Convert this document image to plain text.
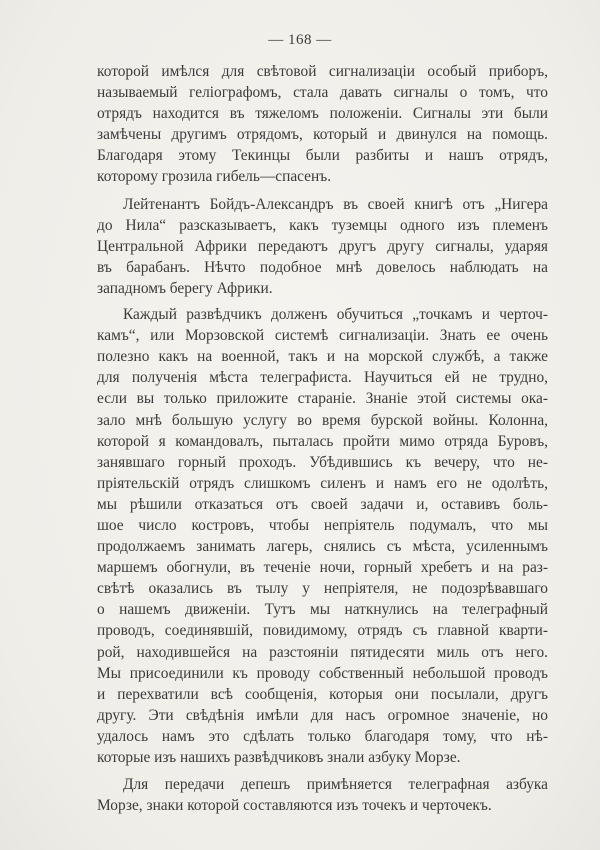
— 168 —
которой имѣлся для свѣтовой сигнализаціи особый приборъ,
называемый геліографомъ, стала давать сигналы о томъ, что
отрядъ находится въ тяжеломъ положеніи. Сигналы эти были
замѣчены другимъ отрядомъ, который и двинулся на помощь.
Благодаря этому Текинцы были разбиты и нашъ отрядъ,
которому грозила гибель—спасенъ.
Лейтенантъ Бойдъ-Александръ въ своей книгѣ отъ „Нигера
до Нила“ разсказываетъ, какъ туземцы одного изъ племенъ
Центральной Африки передаютъ другъ другу сигналы, ударяя
въ барабанъ. Нѣчто подобное мнѣ довелось наблюдать на
западномъ берегу Африки.
Каждый развѣдчикъ долженъ обучиться „точкамъ и черточ-
камъ“, или Морзовской системѣ сигнализаціи. Знать ее очень
полезно какъ на военной, такъ и на морской службѣ, а также
для полученія мѣста телеграфиста. Научиться ей не трудно,
если вы только приложите стараніе. Знаніе этой системы ока-
зало мнѣ большую услугу во время бурской войны. Колонна,
которой я командовалъ, пыталась пройти мимо отряда Буровъ,
занявшаго горный проходъ. Убѣдившись къ вечеру, что не-
пріятельскій отрядъ слишкомъ силенъ и намъ его не одолѣть,
мы рѣшили отказаться отъ своей задачи и, оставивъ боль-
шое число костровъ, чтобы непріятель подумалъ, что мы
продолжаемъ занимать лагерь, снялись съ мѣста, усиленнымъ
маршемъ обогнули, въ теченіе ночи, горный хребетъ и на раз-
свѣтѣ оказались въ тылу у непріятеля, не подозрѣвавшаго
о нашемъ движеніи. Тутъ мы наткнулись на телеграфный
проводъ, соединявшій, повидимому, отрядъ съ главной кварти-
рой, находившейся на разстояніи пятидесяти миль отъ него.
Мы присоединили къ проводу собственный небольшой проводъ
и перехватили всѣ сообщенія, которыя они посылали, другъ
другу. Эти свѣдѣнія имѣли для насъ огромное значеніе, но
удалось намъ это сдѣлать только благодаря тому, что нѣ-
которые изъ нашихъ развѣдчиковъ знали азбуку Морзе.
Для передачи депешъ примѣняется телеграфная азбука
Морзе, знаки которой составляются изъ точекъ и черточекъ.
